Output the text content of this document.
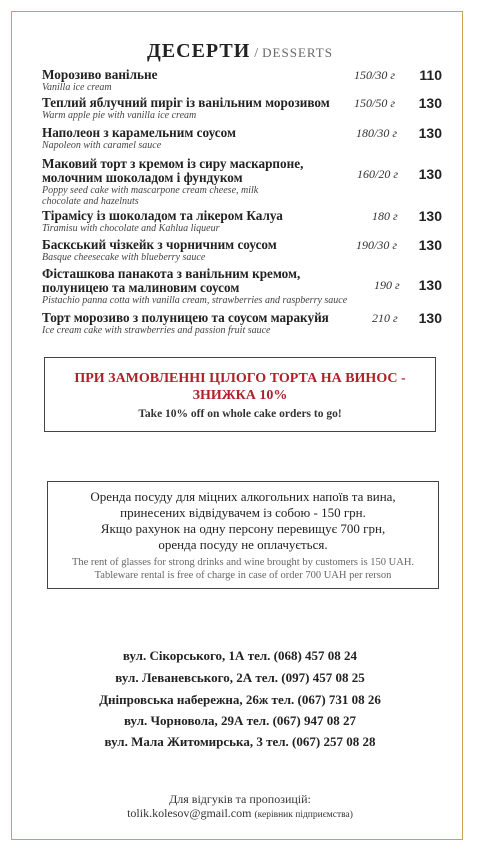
ДЕСЕРТИ / DESSERTS
Морозиво ванільне
Vanilla ice cream
150/30 г 110
Теплий яблучний пиріг із ванільним морозивом
Warm apple pie with vanilla ice cream
150/50 г 130
Наполеон з карамельним соусом
Napoleon with caramel sauce
180/30 г 130
Маковий торт з кремом із сиру маскарпоне, молочним шоколадом і фундуком
Poppy seed cake with mascarpone cream cheese, milk chocolate and hazelnuts
160/20 г 130
Тірамісу із шоколадом та лікером Калуа
Tiramisu with chocolate and Kahlua liqueur
180 г 130
Баскський чізкейк з чорничним соусом
Basque cheesecake with blueberry sauce
190/30 г 130
Фісташкова панакота з ванільним кремом, полуницею та малиновим соусом
Pistachio panna cotta with vanilla cream, strawberries and raspberry sauce
190 г 130
Торт морозиво з полуницею та соусом маракуйя
Ice cream cake with strawberries and passion fruit sauce
210 г 130
ПРИ ЗАМОВЛЕННІ ЦІЛОГО ТОРТА НА ВИНОС -
ЗНИЖКА 10%
Take 10% off on whole cake orders to go!
Оренда посуду для міцних алкогольних напоїв та вина,
принесених відвідувачем із собою - 150 грн.
Якщо рахунок на одну персону перевищує 700 грн,
оренда посуду не оплачується.
The rent of glasses for strong drinks and wine brought by customers is 150 UAH.
Tableware rental is free of charge in case of order 700 UAH per rerson
вул. Сікорського, 1А тел. (068) 457 08 24
вул. Леваневського, 2А тел. (097) 457 08 25
Дніпровська набережна, 26ж тел. (067) 731 08 26
вул. Чорновола, 29А тел. (067) 947 08 27
вул. Мала Житомирська, 3 тел. (067) 257 08 28
Для відгуків та пропозицій:
tolik.kolesov@gmail.com (керівник підприємства)
